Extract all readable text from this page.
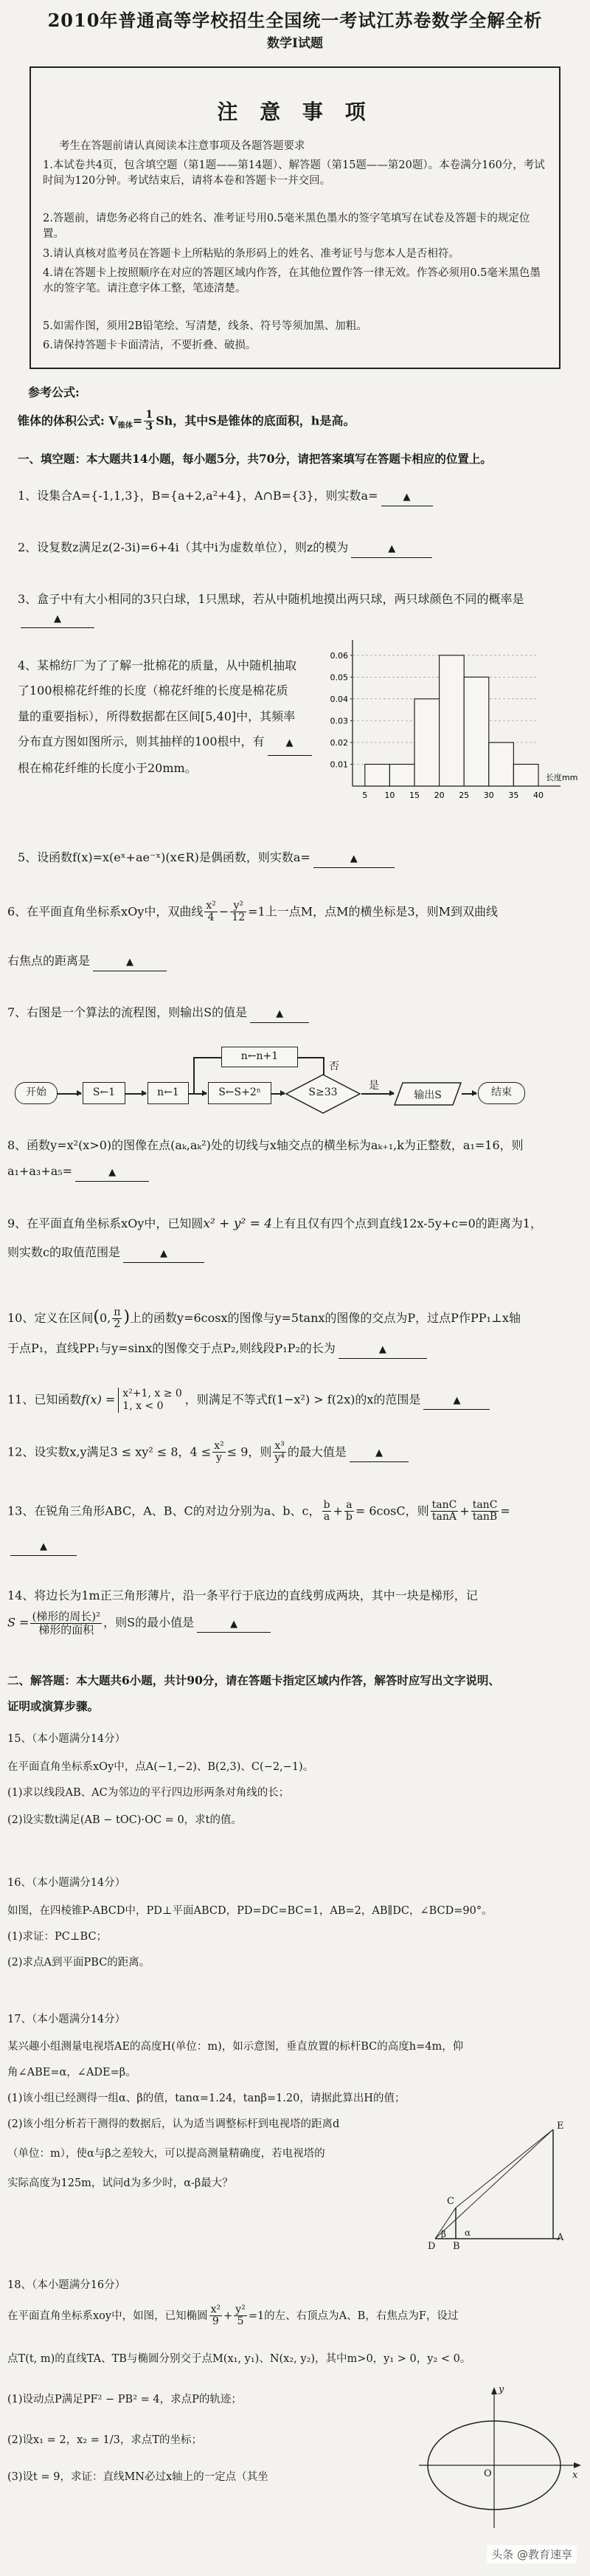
2010年普通高等学校招生全国统一考试江苏卷数学全解全析
数学Ⅰ试题
注 意 事 项
考生在答题前请认真阅读本注意事项及各题答题要求
1.本试卷共4页，包含填空题（第1题——第14题）、解答题（第15题——第20题）。本卷满分160分，考试时间为120分钟。考试结束后，请将本卷和答题卡一并交回。
2.答题前，请您务必将自己的姓名、准考证号用0.5毫米黑色墨水的签字笔填写在试卷及答题卡的规定位置。
3.请认真核对监考员在答题卡上所粘贴的条形码上的姓名、准考证号与您本人是否相符。
4.请在答题卡上按照顺序在对应的答题区域内作答，在其他位置作答一律无效。作答必须用0.5毫米黑色墨水的签字笔。请注意字体工整，笔迹清楚。
5.如需作图，须用2B铅笔绘、写清楚，线条、符号等须加黑、加粗。
6.请保持答题卡卡面清洁，不要折叠、破损。
参考公式:
锥体的体积公式: $V_{锥体}= \frac{1}{3}$ Sh，其中S是锥体的底面积，h是高。
一、填空题：本大题共14小题，每小题5分，共70分，请把答案填写在答题卡相应的位置上。
1、设集合A={-1,1,3}，B={a+2,a²+4}，A∩B={3}，则实数a=	▲
2、设复数z满足z(2-3i)=6+4i（其中i为虚数单位），则z的模为	▲
3、盒子中有大小相同的3只白球，1只黑球，若从中随机地摸出两只球，两只球颜色不同的概率是
▲
4、某棉纺厂为了了解一批棉花的质量，从中随机抽取
了100根棉花纤维的长度（棉花纤维的长度是棉花质
量的重要指标），所得数据都在区间[5,40]中，其频率
分布直方图如图所示，则其抽样的100根中，有 ▲
根在棉花纤维的长度小于20mm。
0.06
0.05
0.04
0.03
0.02
0.01
5 10 15 20 25 30 35 40
长度mm
5、设函数f(x)=x(eˣ+ae⁻ˣ)(x∈R)是偶函数，则实数a=	▲
6、在平面直角坐标系xOy中，双曲线 $\frac{\text{x²}}{4} - \frac{\text{y²}}{12} =1$上一点M，点M的横坐标是3，则M到双曲线
右焦点的距离是	▲
7、右图是一个算法的流程图，则输出S的值是	▲
开始	S←1	n←1	S←S+2ⁿ	S≥33
是
输出S	结束
n←n+1
否
8、函数y=x²(x>0)的图像在点(aₖ,aₖ²)处的切线与x轴交点的横坐标为aₖ₊₁,k为正整数，a₁=16，则
a₁+a₃+a₅=	▲
9、在平面直角坐标系xOy中，已知圆x² + y² = 4上有且仅有四个点到直线12x-5y+c=0的距离为1，
则实数c的取值范围是	▲
10、定义在区间(0, $\frac{\pi}{2}$ )上的函数y=6cosx的图像与y=5tanx的图像的交点为P，过点P作PP₁⊥x轴
于点P₁，直线PP₁与y=sinx的图像交于点P₂,则线段P₁P₂的长为	▲
11、已知函数f(x) = x²+1, x ≥ 0
1, x < 0	，则满足不等式f(1−x²) > f(2x)的x的范围是	▲
12、设实数x,y满足3 ≤ xy² ≤ 8，$4 \le \frac{\text{x²}}{y} \le 9$，则 $\frac{\text{x³}}{\text{y⁴}}$ 的最大值是	▲
13、在锐角三角形ABC，A、B、C的对边分别为a、b、c， $\frac{b}{a} + \frac{a}{b} = 6\cos C$，则 $\frac{\tan C}{\tan A} + \frac{\tan C}{\tan B}$ =
▲
14、将边长为1m正三角形薄片，沿一条平行于底边的直线剪成两块，其中一块是梯形，记
$S = \frac{\text{(梯形的周长)²}}{\text{梯形的面积}}$ ，则S的最小值是	▲
二、解答题：本大题共6小题，共计90分，请在答题卡指定区域内作答，解答时应写出文字说明、
证明或演算步骤。
15、（本小题满分14分）
在平面直角坐标系xOy中，点A(−1,−2)、B(2,3)、C(−2,−1)。
(1)求以线段AB、AC为邻边的平行四边形两条对角线的长；
(2)设实数t满足(AB − tOC)·OC = 0，求t的值。
16、（本小题满分14分）
如图，在四棱锥P-ABCD中，PD⊥平面ABCD，PD=DC=BC=1，AB=2，AB∥DC，∠BCD=90°。
(1)求证：PC⊥BC；
(2)求点A到平面PBC的距离。
17、（本小题满分14分）
某兴趣小组测量电视塔AE的高度H(单位：m)，如示意图，垂直放置的标杆BC的高度h=4m，仰
角∠ABE=α，∠ADE=β。
(1)该小组已经测得一组α、β的值，tanα=1.24，tanβ=1.20，请据此算出H的值；
(2)该小组分析若干测得的数据后，认为适当调整标杆到电视塔的距离d
（单位：m），使α与β之差较大，可以提高测量精确度，若电视塔的
实际高度为125m，试问d为多少时，α-β最大？
E
A
B
C
D
α
β
18、（本小题满分16分）
在平面直角坐标系xoy中，如图，已知椭圆 $\frac{\text{x²}}{9} + \frac{\text{y²}}{5} =1$的左、右顶点为A、B，右焦点为F，设过
点T(t, m)的直线TA、TB与椭圆分别交于点M(x₁, y₁)、N(x₂, y₂)，其中m>0，y₁ > 0，y₂ < 0。
(1)设动点P满足PF² − PB² = 4，求点P的轨迹；
(2)设x₁ = 2，x₂ = 1/3，求点T的坐标；
(3)设t = 9，求证：直线MN必过x轴上的一定点（其坐
y
x
O
头条 @教育速享
